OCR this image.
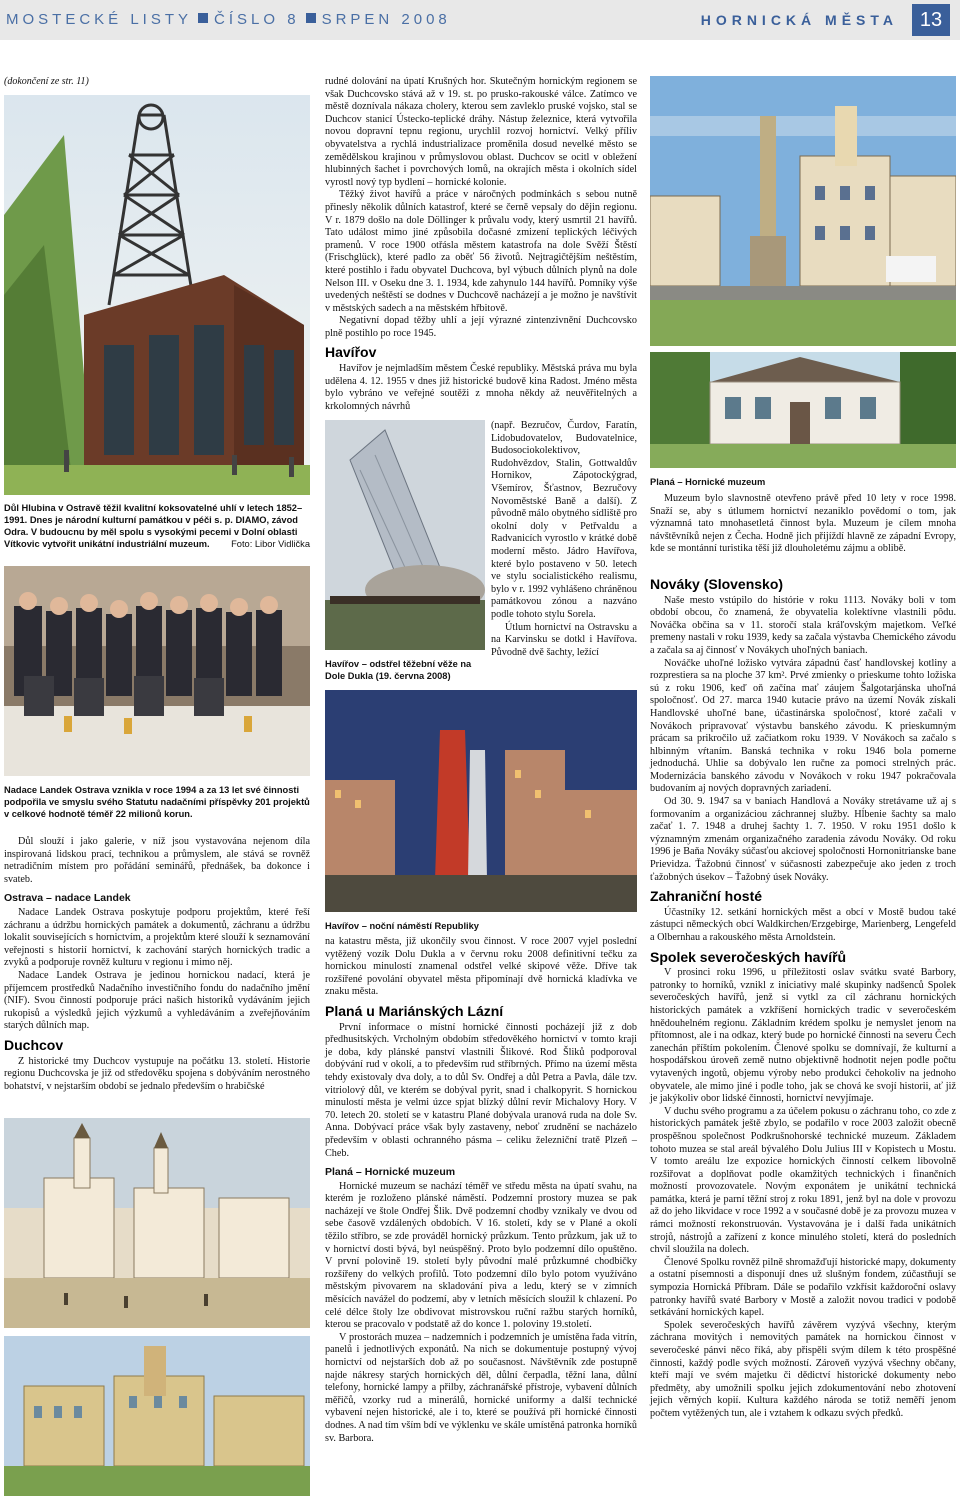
MOSTECKÉ LISTY ČÍSLO 8 SRPEN 2008	HORNICKÁ MĚSTA	13
(dokončení ze str. 11)
Důl Hlubina v Ostravě těžil kvalitní koksovatelné uhlí v letech 1852–1991. Dnes je národní kulturní památkou v péči s. p. DIAMO, závod Odra. V budoucnu by měl spolu s vysokými pecemi v Dolní oblasti Vítkovic vytvořit unikátní industriální muzeum. Foto: Libor Vidlička
Nadace Landek Ostrava vznikla v roce 1994 a za 13 let své činnosti podpořila ve smyslu svého Statutu nadačními příspěvky 201 projektů v celkové hodnotě téměř 22 milionů korun.

Důl slouží i jako galerie, v níž jsou vystavována nejenom díla inspirovaná lidskou prací, technikou a průmyslem, ale stává se rovněž netradičním místem pro pořádání seminářů, přednášek, ba dokonce i svateb.

Ostrava – nadace Landek

Nadace Landek Ostrava poskytuje podporu projektům, které řeší záchranu a údržbu hornických památek a dokumentů, záchranu a údržbu lokalit souvisejících s hornictvím, a projektům které slouží k seznamování veřejnosti s historií hornictví, k zachování starých hornických tradic a zvyků a podporuje rovněž kulturu v regionu i mimo něj.

Nadace Landek Ostrava je jedinou hornickou nadací, která je příjemcem prostředků Nadačního investičního fondu do nadačního jmění (NIF). Svou činností podporuje práci našich historiků vydáváním jejich rukopisů a výsledků jejich výzkumů a vyhledáváním a zveřejňováním starých důlních map.

Duchcov

Z historické tmy Duchcov vystupuje na počátku 13. století. Historie regionu Duchcovska je již od středověku spojena s dobýváním nerostného bohatství, v nejstarším období se jednalo především o hrabičské

rudné dolování na úpatí Krušných hor. Skutečným hornickým regionem se však Duchcovsko stává až v 19. st. po prusko-rakouské válce. Zatímco ve městě doznívala nákaza cholery, kterou sem zavleklo pruské vojsko, stal se Duchcov stanicí Ústecko-teplické dráhy. Nástup železnice, která vytvořila novou dopravní tepnu regionu, urychlil rozvoj hornictví. Velký příliv obyvatelstva a rychlá industrializace proměnila dosud nevelké město se zemědělskou krajinou v průmyslovou oblast. Duchcov se ocitl v obležení hlubinných šachet i povrchových lomů, na okrajích města i okolních sídel vyrostl nový typ bydlení – hornické kolonie.

Těžký život havířů a práce v náročných podmínkách s sebou nutně přinesly několik důlních katastrof, které se černě vepsaly do dějin regionu. V r. 1879 došlo na dole Döllinger k průvalu vody, který usmrtil 21 havířů. Tato událost mimo jiné způsobila dočasné zmizení teplických léčivých pramenů. V roce 1900 otřásla městem katastrofa na dole Svěží Štěstí (Frischglück), které padlo za oběť 56 životů. Nejtragičtějším neštěstím, které postihlo i řadu obyvatel Duchcova, byl výbuch důlních plynů na dole Nelson III. v Oseku dne 3. 1. 1934, kde zahynulo 144 havířů. Pomníky výše uvedených neštěstí se dodnes v Duchcově nacházejí a je možno je navštívit v městských sadech a na městském hřbitově.

Negativní dopad těžby uhlí a její výrazné zintenzivnění Duchcovsko plně postihlo po roce 1945.

Havířov

Havířov je nejmladším městem České republiky. Městská práva mu byla udělena 4. 12. 1955 v dnes již historické budově kina Radost. Jméno města bylo vybráno ve veřejné soutěži z mnoha někdy až neuvěřitelných a krkolomných návrhů

(např. Bezručov, Čurdov, Faratín, Lidobudovatelov, Budovatelnice, Budosociokolektivov, Rudohvězdov, Stalin, Gottwaldův Hornikov, Zápotockýgrad, Všemírov, Šťastnov, Bezručovy Novoměstské Baně a další). Z původně málo obytného sídliště pro okolní doly v Petřvaldu a Radvanicích vyrostlo v krátké době moderní město. Jádro Havířova, které bylo postaveno v 50. letech ve stylu socialistického realismu, bylo v r. 1992 vyhlášeno chráněnou památkovou zónou a nazváno podle tohoto stylu Sorela.

Útlum hornictví na Ostravsku a na Karvinsku se dotkl i Havířova. Původně dvě šachty, ležící

Havířov – odstřel těžební věže na Dole Dukla (19. června 2008)
Havířov – noční náměstí Republiky

na katastru města, již ukončily svou činnost. V roce 2007 vyjel poslední vytěžený vozík Dolu Dukla a v červnu roku 2008 definitivní tečku za hornickou minulostí znamenal odstřel velké skipové věže. Dříve tak rozšířené povolání obyvatel města připomínají dvě hornická kladívka ve znaku města.

Planá u Mariánských Lázní

První informace o místní hornické činnosti pocházejí již z dob předhusitských. Vrcholným obdobím středověkého hornictví v tomto kraji je doba, kdy plánské panství vlastnili Šlikové. Rod Šliků podporoval dobývání rud v okolí, a to především rud stříbrných. Přímo na území města tehdy existovaly dva doly, a to důl Sv. Ondřej a důl Petra a Pavla, dále tzv. vitriolový důl, ve kterém se dobýval pyrit, snad i chalkopyrit. S hornickou minulostí města je velmi úzce spjat blízký důlní revír Michalovy Hory. V 70. letech 20. století se v katastru Plané dobývala uranová ruda na dole Sv. Anna. Dobývací práce však byly zastaveny, neboť zrudnění se nacházelo především v oblasti ochranného pásma – celiku železniční tratě Plzeň – Cheb.

Planá – Hornické muzeum

Hornické muzeum se nachází téměř ve středu města na úpatí svahu, na kterém je rozloženo plánské náměstí. Podzemní prostory muzea se pak nacházejí ve štole Ondřej Šlik. Dvě podzemní chodby vznikaly ve dvou od sebe časově vzdálených obdobích. V 16. století, kdy se v Plané a okolí těžilo stříbro, se zde prováděl hornický průzkum. Tento průzkum, jak už to v hornictví dosti bývá, byl neúspěšný. Proto bylo podzemní dílo opuštěno. V první polovině 19. století byly původní malé průzkumné chodbičky rozšířeny do velkých profilů. Toto podzemní dílo bylo potom využíváno městským pivovarem na skladování piva a ledu, který se v zimních měsících navážel do podzemí, aby v letních měsících sloužil k chlazení. Po celé délce štoly lze obdivovat mistrovskou ruční ražbu starých horníků, kterou se pracovalo v podstatě až do konce 1. poloviny 19.století.

V prostorách muzea – nadzemních i podzemních je umístěna řada vitrín, panelů i jednotlivých exponátů. Na nich se dokumentuje postupný vývoj hornictví od nejstarších dob až po současnost. Návštěvník zde postupně najde nákresy starých hornických děl, důlní čerpadla, těžní lana, důlní telefony, hornické lampy a přilby, záchranářské přístroje, vybavení důlních měřičů, vzorky rud a minerálů, hornické uniformy a další technické vybavení nejen historické, ale i to, které se používá při hornické činnosti dodnes. A nad tím vším bdí ve výklenku ve skále umístěná patronka horníků sv. Barbora.

Planá – Hornické muzeum

Muzeum bylo slavnostně otevřeno právě před 10 lety v roce 1998. Snaží se, aby s útlumem hornictví nezaniklo povědomí o tom, jak významná tato mnohasetletá činnost byla. Muzeum je cílem mnoha návštěvníků nejen z Čecha. Hodně jich přijíždí hlavně ze západní Evropy, kde se montánní turistika těší již dlouholetému zájmu a oblibě.

Nováky (Slovensko)

Naše mesto vstúpilo do histórie v roku 1113. Nováky boli v tom období obcou, čo znamená, že obyvatelia kolektívne vlastnili pôdu. Nováčka občina sa v 11. storočí stala kráľovským majetkom. Veľké premeny nastali v roku 1939, kedy sa začala výstavba Chemického závodu a začala sa aj činnosť v Novákych uhoľných baniach.

Nováčke uhoľné ložisko vytvára západnú časť handlovskej kotliny a rozprestiera sa na ploche 37 km². Prvé zmienky o prieskume tohto ložiska sú z roku 1906, keď oň začína mať záujem Šalgotarjánska uhoľná spoločnosť. Od 27. marca 1940 kutacie právo na území Novák získali Handlovské uhoľné bane, účastinárska spoločnosť, ktoré začali v Novákoch pripravovať výstavbu banského závodu. K prieskumným prácam sa prikročilo už začiatkom roku 1939. V Novákoch sa začalo s hlbinným vŕtaním. Banská technika v roku 1946 bola pomerne jednoduchá. Uhlie sa dobývalo len ručne za pomoci strelných prác. Modernizácia banského závodu v Novákoch v roku 1947 pokračovala budovaním aj nových dopravných zariadení.

Od 30. 9. 1947 sa v baniach Handlová a Nováky stretávame už aj s formovaním a organizáciou záchrannej služby. Hĺbenie šachty sa malo začať 1. 7. 1948 a druhej šachty 1. 7. 1950. V roku 1951 došlo k významným zmenám organizačného zaradenia závodu Nováky. Od roku 1996 je Baňa Nováky súčasťou akciovej spoločnosti Hornonitrianske bane Prievidza. Ťažobnú činnosť v súčasnosti zabezpečuje ako jeden z troch ťažobných úsekov – Ťažobný úsek Nováky.

Zahraniční hosté

Účastníky 12. setkání hornických měst a obcí v Mostě budou také zástupci německých obcí Waldkirchen/Erzgebirge, Marienberg, Lengefeld a Olbernhau a rakouského města Arnoldstein.

Spolek severočeských havířů

V prosinci roku 1996, u příležitosti oslav svátku svaté Barbory, patronky to horníků, vznikl z iniciativy malé skupinky nadšenců Spolek severočeských havířů, jenž si vytkl za cíl záchranu hornických historických památek a vzkříšení hornických tradic v severočeském hnědouhelném regionu. Základním krédem spolku je nemyslet jenom na přítomnost, ale i na odkaz, který bude po hornické činnosti na severu Čech zanechán příštím pokolením. Členové spolku se domnívají, že kulturní a hospodářskou úroveň země nutno objektivně hodnotit nejen podle počtu vytavených ingotů, objemu výroby nebo produkci čehokoliv na jednoho obyvatele, ale mimo jiné i podle toho, jak se chová ke svojí historii, ať již je jakýkoliv obor lidské činnosti, hornictví nevyjímaje.

V duchu svého programu a za účelem pokusu o záchranu toho, co zde z historických památek ještě zbylo, se podařilo v roce 2003 založit obecně prospěšnou společnost Podkrušnohorské technické muzeum. Základem tohoto muzea se stal areál bývalého Dolu Julius III v Kopistech u Mostu. V tomto areálu lze expozice hornických činností celkem libovolně rozšiřovat a doplňovat podle okamžitých technických i finančních možností provozovatele. Novým exponátem je unikátní technická památka, která je parní těžní stroj z roku 1891, jenž byl na dole v provozu až do jeho likvidace v roce 1992 a v současné době je za provozu muzea v rámci možností rekonstruován. Vystavována je i další řada unikátních strojů, nástrojů a zařízení z konce minulého století, která do posledních chvil sloužila na dolech.

Členové Spolku rovněž pilně shromažďují historické mapy, dokumenty a ostatní písemnosti a disponují dnes už slušným fondem, zúčastňují se sympozia Hornická Příbram. Dále se podařilo vzkřísit každoroční oslavy patronky havířů svaté Barbory v Mostě a založit novou tradici v podobě setkávání hornických kapel.

Spolek severočeských havířů závěrem vyzývá všechny, kterým záchrana movitých i nemovitých památek na hornickou činnost v severočeské pánvi něco říká, aby přispěli svým dílem k této prospěšné činnosti, každý podle svých možností. Zároveň vyzývá všechny občany, kteří mají ve svém majetku či dědictví historické dokumenty nebo předměty, aby umožnili spolku jejich zdokumentování nebo zhotovení jejich věrných kopií. Kultura každého národa se totiž neměří jenom počtem vytěžených tun, ale i vztahem k odkazu svých předků.
